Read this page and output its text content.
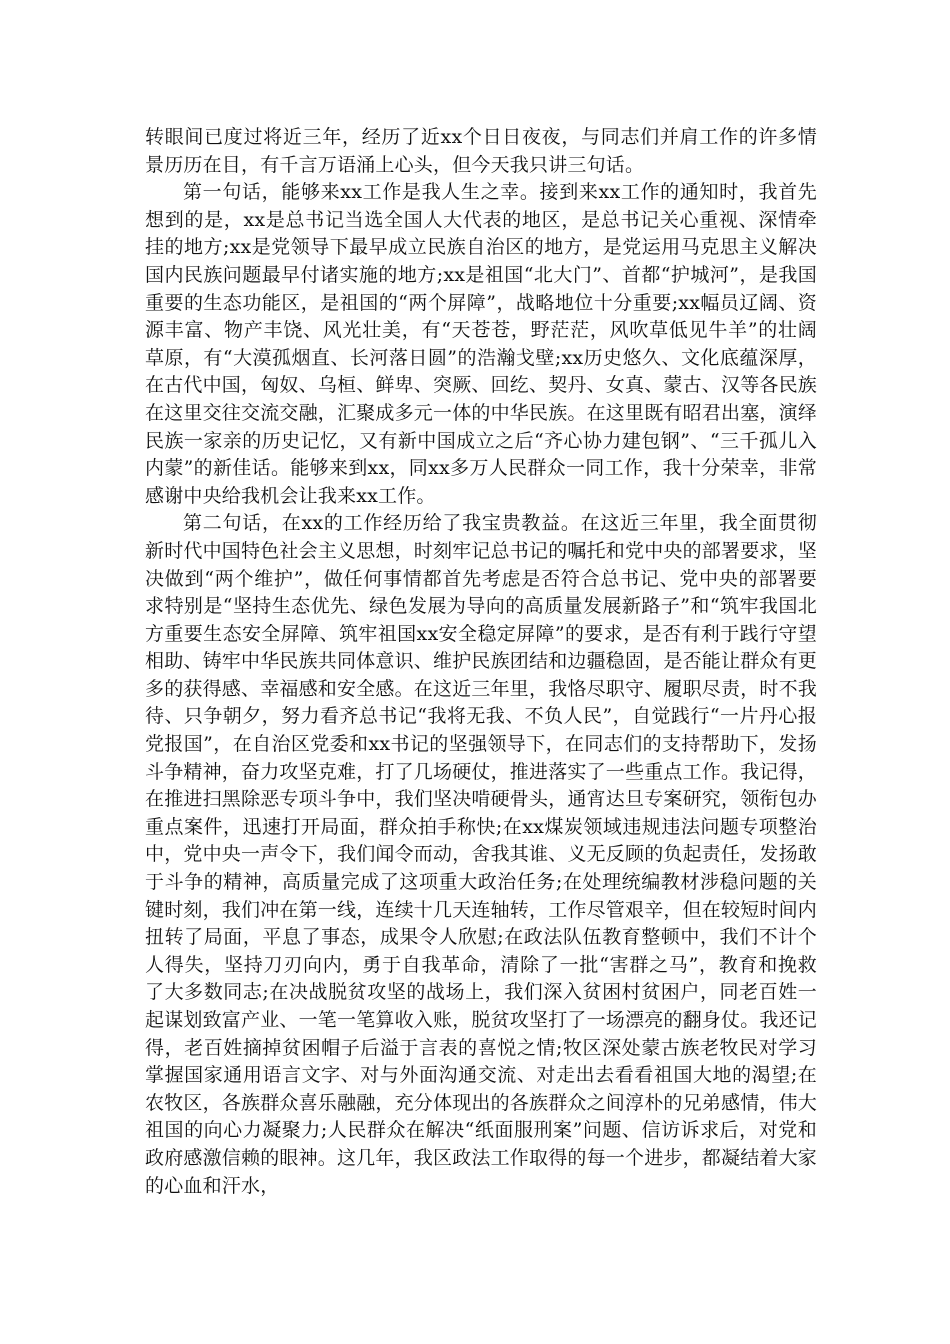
转眼间已度过将近三年，经历了近xx个日日夜夜，与同志们并肩工作的许多情景历历在目，有千言万语涌上心头，但今天我只讲三句话。

第一句话，能够来xx工作是我人生之幸。接到来xx工作的通知时，我首先想到的是，xx是总书记当选全国人大代表的地区，是总书记关心重视、深情牵挂的地方;xx是党领导下最早成立民族自治区的地方，是党运用马克思主义解决国内民族问题最早付诸实施的地方;xx是祖国“北大门”、首都“护城河”，是我国重要的生态功能区，是祖国的“两个屏障”，战略地位十分重要;xx幅员辽阔、资源丰富、物产丰饶、风光壮美，有“天苍苍，野茫茫，风吹草低见牛羊”的壮阔草原，有“大漠孤烟直、长河落日圆”的浩瀚戈壁;xx历史悠久、文化底蕴深厚，在古代中国，匈奴、乌桓、鲜卑、突厥、回纥、契丹、女真、蒙古、汉等各民族在这里交往交流交融，汇聚成多元一体的中华民族。在这里既有昭君出塞，演绎民族一家亲的历史记忆，又有新中国成立之后“齐心协力建包钢”、“三千孤儿入内蒙”的新佳话。能够来到xx，同xx多万人民群众一同工作，我十分荣幸，非常感谢中央给我机会让我来xx工作。

第二句话，在xx的工作经历给了我宝贵教益。在这近三年里，我全面贯彻新时代中国特色社会主义思想，时刻牢记总书记的嘱托和党中央的部署要求，坚决做到“两个维护”，做任何事情都首先考虑是否符合总书记、党中央的部署要求特别是“坚持生态优先、绿色发展为导向的高质量发展新路子”和“筑牢我国北方重要生态安全屏障、筑牢祖国xx安全稳定屏障”的要求，是否有利于践行守望相助、铸牢中华民族共同体意识、维护民族团结和边疆稳固，是否能让群众有更多的获得感、幸福感和安全感。在这近三年里，我恪尽职守、履职尽责，时不我待、只争朝夕，努力看齐总书记“我将无我、不负人民”，自觉践行“一片丹心报党报国”，在自治区党委和xx书记的坚强领导下，在同志们的支持帮助下，发扬斗争精神，奋力攻坚克难，打了几场硬仗，推进落实了一些重点工作。我记得，在推进扫黑除恶专项斗争中，我们坚决啃硬骨头，通宵达旦专案研究，领衔包办重点案件，迅速打开局面，群众拍手称快;在xx煤炭领域违规违法问题专项整治中，党中央一声令下，我们闻令而动，舍我其谁、义无反顾的负起责任，发扬敢于斗争的精神，高质量完成了这项重大政治任务;在处理统编教材涉稳问题的关键时刻，我们冲在第一线，连续十几天连轴转，工作尽管艰辛，但在较短时间内扭转了局面，平息了事态，成果令人欣慰;在政法队伍教育整顿中，我们不计个人得失，坚持刀刃向内，勇于自我革命，清除了一批“害群之马”，教育和挽救了大多数同志;在决战脱贫攻坚的战场上，我们深入贫困村贫困户，同老百姓一起谋划致富产业、一笔一笔算收入账，脱贫攻坚打了一场漂亮的翻身仗。我还记得，老百姓摘掉贫困帽子后溢于言表的喜悦之情;牧区深处蒙古族老牧民对学习掌握国家通用语言文字、对与外面沟通交流、对走出去看看祖国大地的渴望;在农牧区，各族群众喜乐融融，充分体现出的各族群众之间淳朴的兄弟感情，伟大祖国的向心力凝聚力;人民群众在解决“纸面服刑案”问题、信访诉求后，对党和政府感激信赖的眼神。这几年，我区政法工作取得的每一个进步，都凝结着大家的心血和汗水，
